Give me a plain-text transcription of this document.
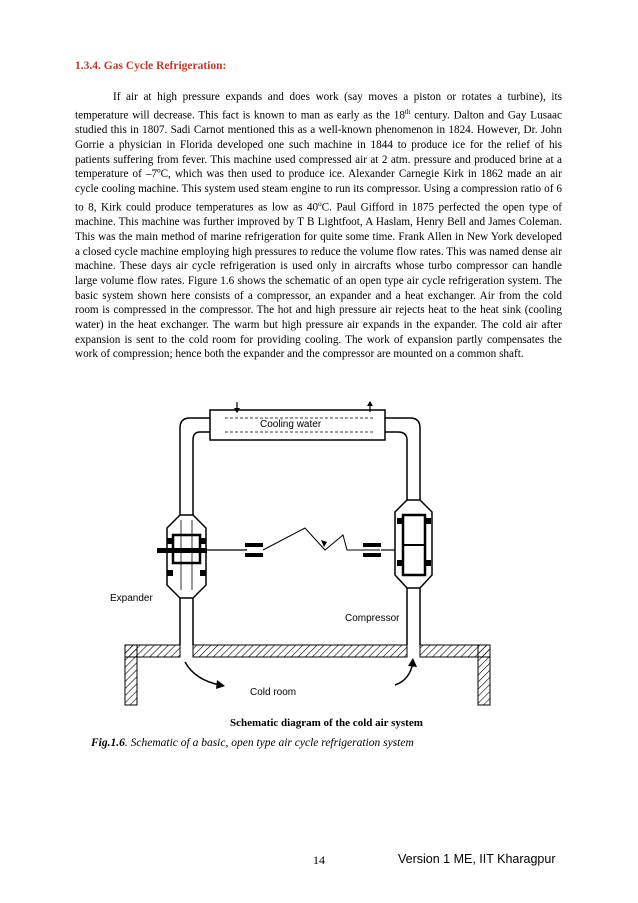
1.3.4. Gas Cycle Refrigeration:

If air at high pressure expands and does work (say moves a piston or rotates a turbine), its temperature will decrease. This fact is known to man as early as the 18th century. Dalton and Gay Lusaac studied this in 1807. Sadi Carnot mentioned this as a well-known phenomenon in 1824. However, Dr. John Gorrie a physician in Florida developed one such machine in 1844 to produce ice for the relief of his patients suffering from fever. This machine used compressed air at 2 atm. pressure and produced brine at a temperature of –7ºC, which was then used to produce ice. Alexander Carnegie Kirk in 1862 made an air cycle cooling machine. This system used steam engine to run its compressor. Using a compression ratio of 6 to 8, Kirk could produce temperatures as low as 40$^o$C. Paul Gifford in 1875 perfected the open type of machine. This machine was further improved by T B Lightfoot, A Haslam, Henry Bell and James Coleman. This was the main method of marine refrigeration for quite some time. Frank Allen in New York developed a closed cycle machine employing high pressures to reduce the volume flow rates. This was named dense air machine. These days air cycle refrigeration is used only in aircrafts whose turbo compressor can handle large volume flow rates. Figure 1.6 shows the schematic of an open type air cycle refrigeration system. The basic system shown here consists of a compressor, an expander and a heat exchanger. Air from the cold room is compressed in the compressor. The hot and high pressure air rejects heat to the heat sink (cooling water) in the heat exchanger. The warm but high pressure air expands in the expander. The cold air after expansion is sent to the cold room for providing cooling. The work of expansion partly compensates the work of compression; hence both the expander and the compressor are mounted on a common shaft.

Cooling water
Expander
Compressor
Cold room
Schematic diagram of the cold air system
Fig.1.6. Schematic of a basic, open type air cycle refrigeration system
14	Version 1 ME, IIT Kharagpur
